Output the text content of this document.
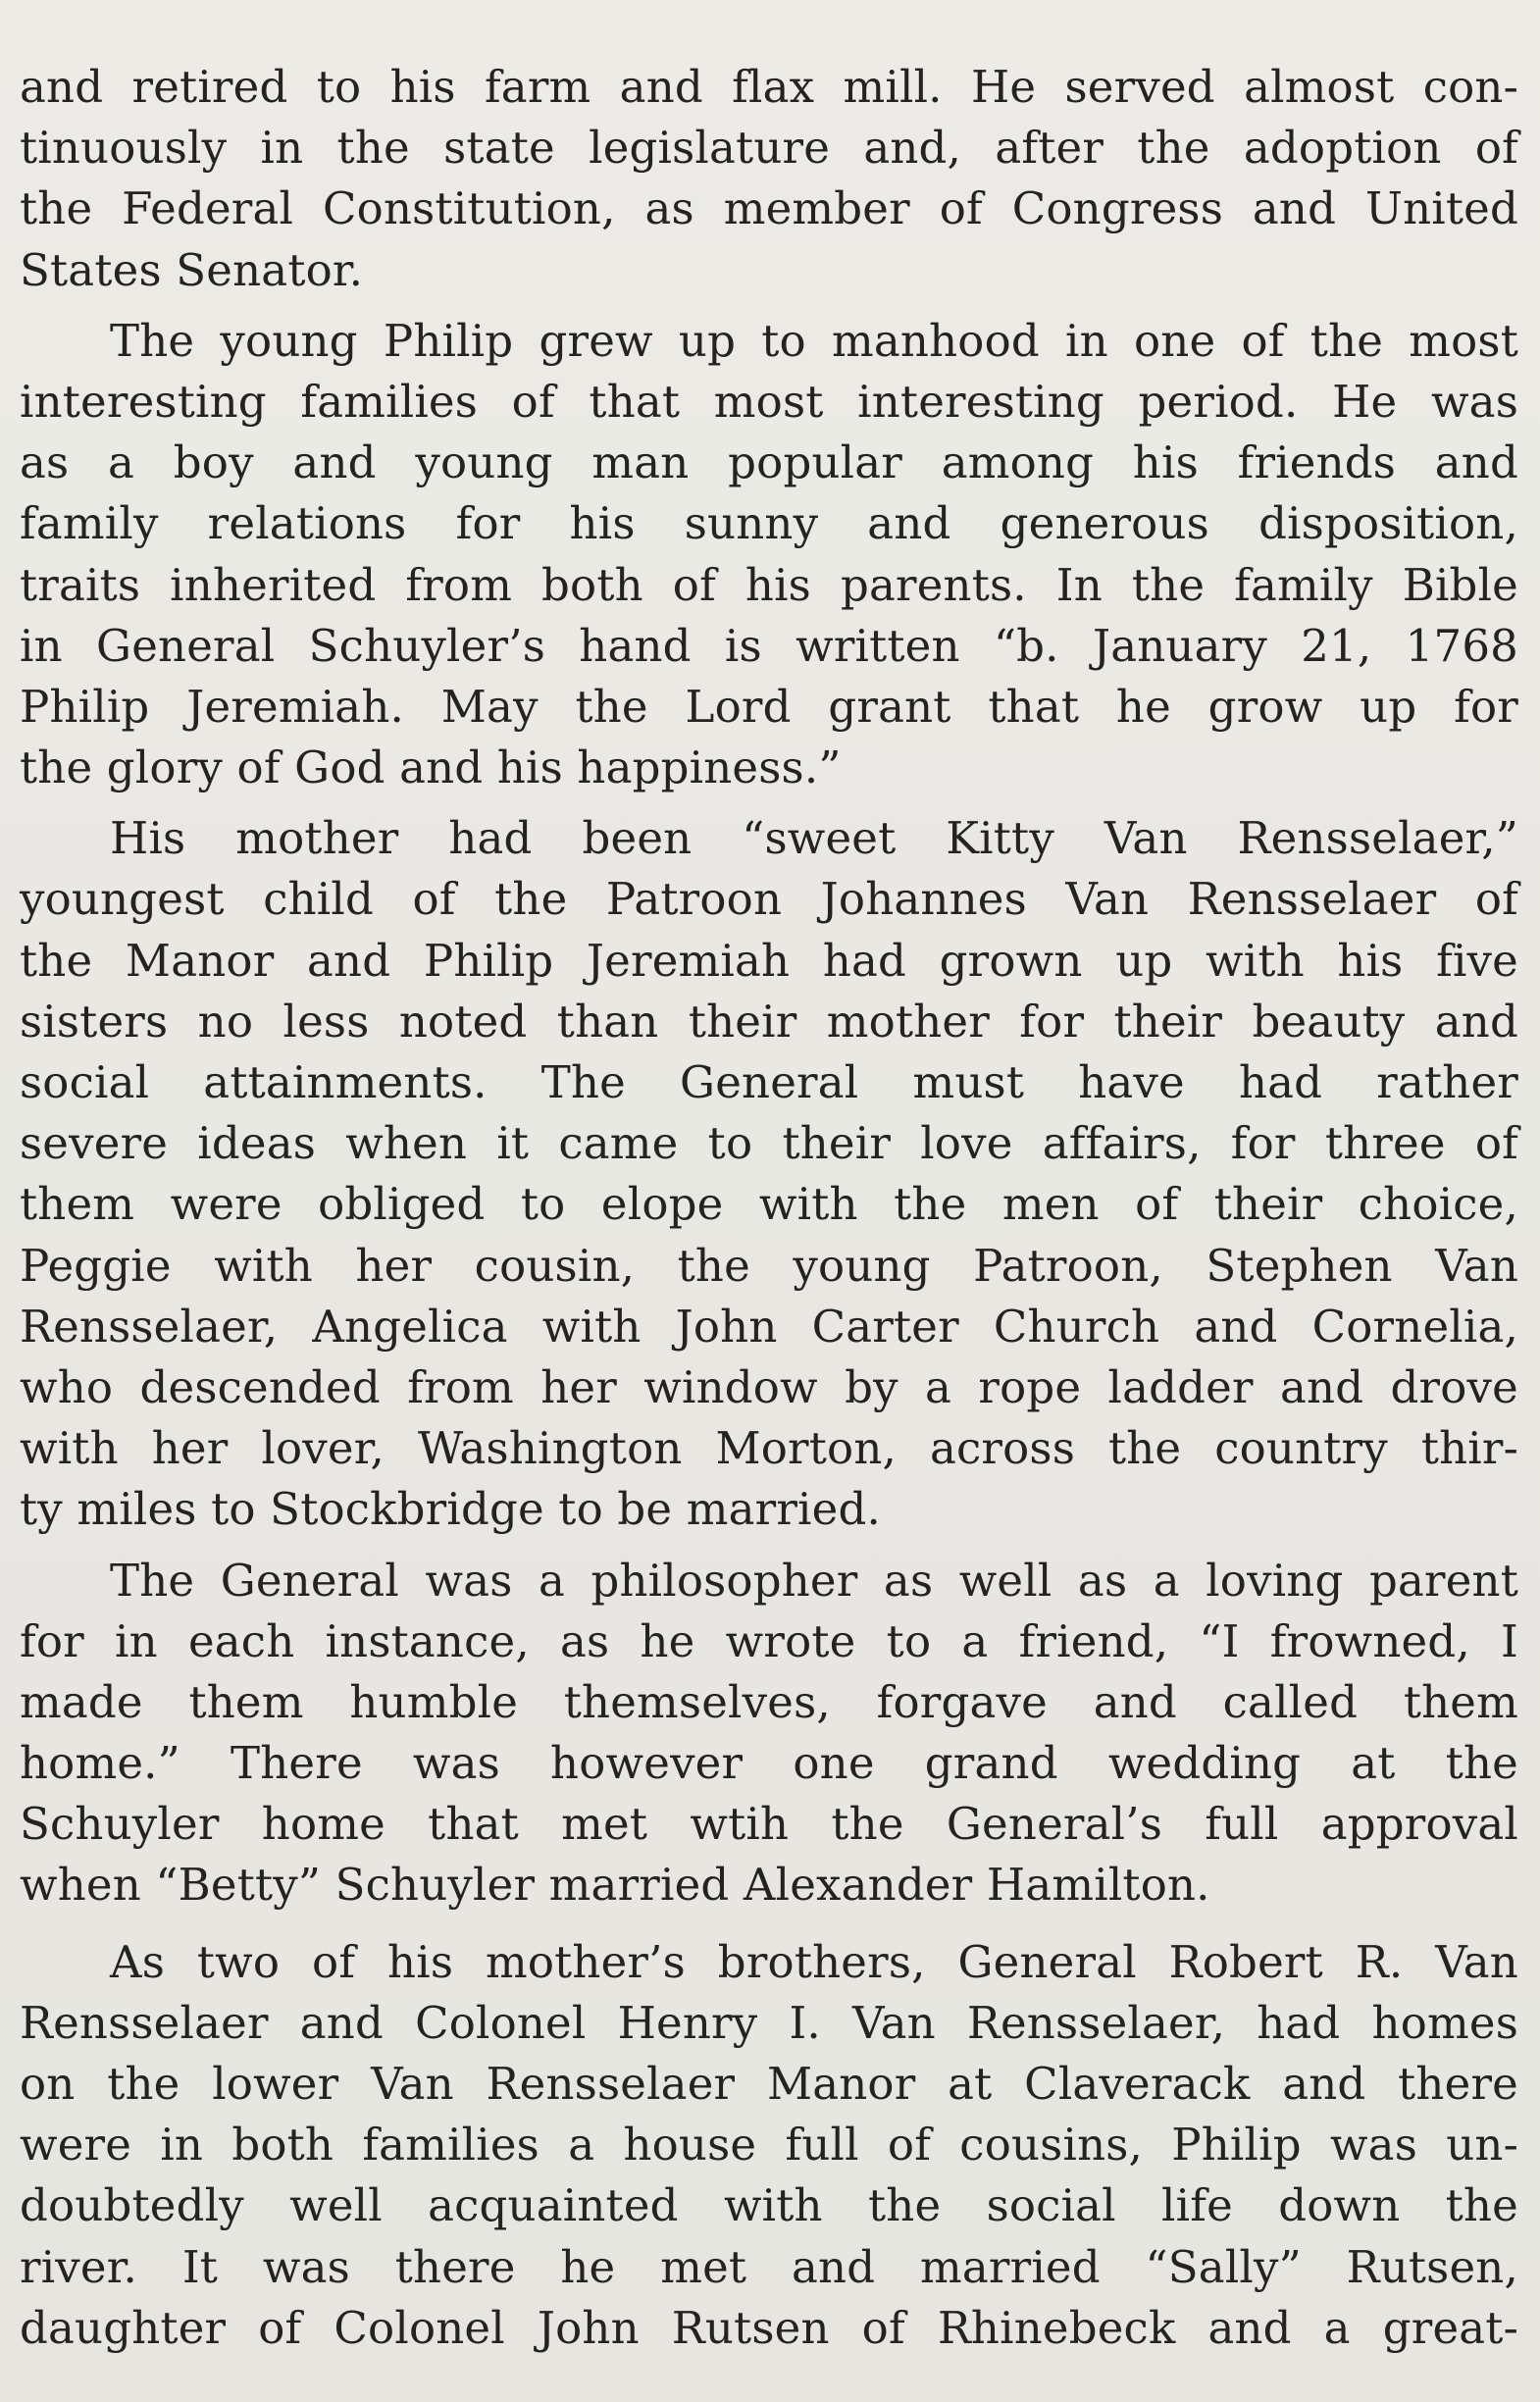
and retired to his farm and flax mill. He served almost con-
tinuously in the state legislature and, after the adoption of
the Federal Constitution, as member of Congress and United
States Senator.
The young Philip grew up to manhood in one of the most
interesting families of that most interesting period. He was
as a boy and young man popular among his friends and
family relations for his sunny and generous disposition,
traits inherited from both of his parents. In the family Bible
in General Schuyler’s hand is written “b. January 21, 1768
Philip Jeremiah. May the Lord grant that he grow up for
the glory of God and his happiness.”
His mother had been “sweet Kitty Van Rensselaer,”
youngest child of the Patroon Johannes Van Rensselaer of
the Manor and Philip Jeremiah had grown up with his five
sisters no less noted than their mother for their beauty and
social attainments. The General must have had rather
severe ideas when it came to their love affairs, for three of
them were obliged to elope with the men of their choice,
Peggie with her cousin, the young Patroon, Stephen Van
Rensselaer, Angelica with John Carter Church and Cornelia,
who descended from her window by a rope ladder and drove
with her lover, Washington Morton, across the country thir-
ty miles to Stockbridge to be married.
The General was a philosopher as well as a loving parent
for in each instance, as he wrote to a friend, “I frowned, I
made them humble themselves, forgave and called them
home.” There was however one grand wedding at the
Schuyler home that met wtih the General’s full approval
when “Betty” Schuyler married Alexander Hamilton.
As two of his mother’s brothers, General Robert R. Van
Rensselaer and Colonel Henry I. Van Rensselaer, had homes
on the lower Van Rensselaer Manor at Claverack and there
were in both families a house full of cousins, Philip was un-
doubtedly well acquainted with the social life down the
river. It was there he met and married “Sally” Rutsen,
daughter of Colonel John Rutsen of Rhinebeck and a great-
